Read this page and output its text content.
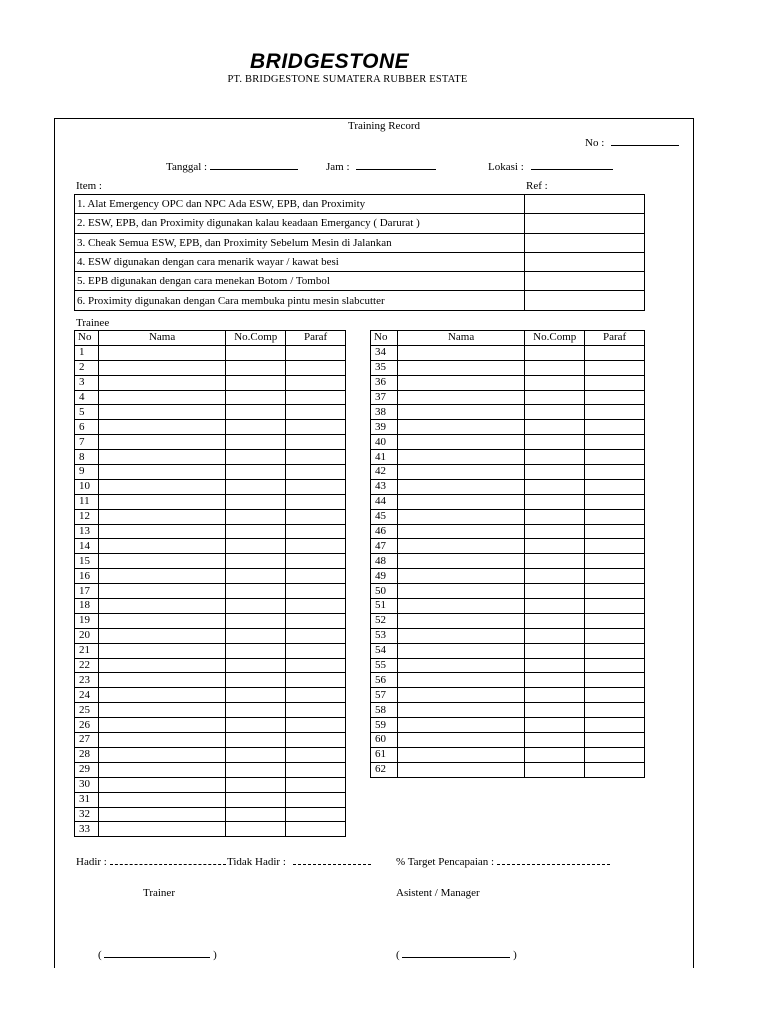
BRIDGESTONE
PT. BRIDGESTONE SUMATERA RUBBER ESTATE
Training Record
No :
Tanggal :	Jam :	Lokasi :
Item :	Ref :
1. Alat Emergency OPC dan NPC Ada ESW, EPB, dan Proximity	
2. ESW, EPB, dan Proximity digunakan kalau keadaan Emergancy ( Darurat )	
3. Cheak Semua ESW, EPB, dan Proximity Sebelum Mesin di Jalankan	
4. ESW digunakan dengan cara menarik wayar / kawat besi	
5. EPB digunakan dengan cara menekan Botom / Tombol	
6. Proximity digunakan dengan Cara membuka pintu mesin slabcutter	
Trainee
No	Nama	No.Comp	Paraf
1			
2			
3			
4			
5			
6			
7			
8			
9			
10			
11			
12			
13			
14			
15			
16			
17			
18			
19			
20			
21			
22			
23			
24			
25			
26			
27			
28			
29			
30			
31			
32			
33			
No	Nama	No.Comp	Paraf
34			
35			
36			
37			
38			
39			
40			
41			
42			
43			
44			
45			
46			
47			
48			
49			
50			
51			
52			
53			
54			
55			
56			
57			
58			
59			
60			
61			
62			
Hadir :	Tidak Hadir :	% Target Pencapaian :
Trainer	Asistent / Manager
(	)	(	)
